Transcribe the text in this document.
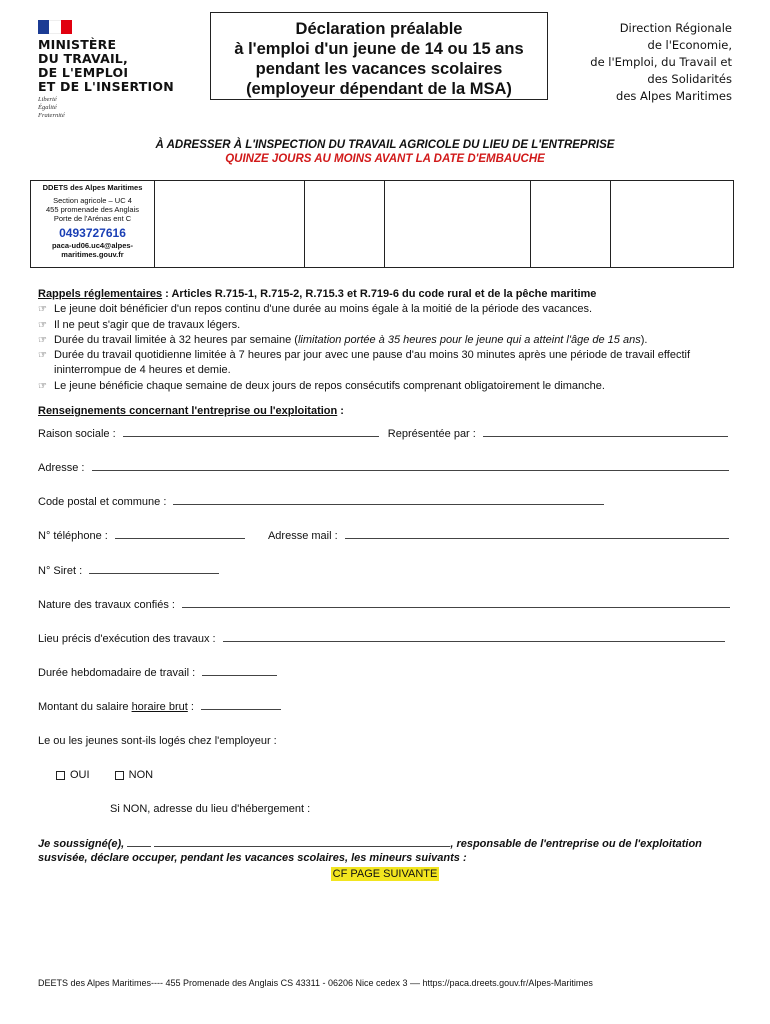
MINISTÈRE
DU TRAVAIL,
DE L'EMPLOI
ET DE L'INSERTION
Liberté
Égalité
Fraternité
Déclaration préalable
à l'emploi d'un jeune de 14 ou 15 ans
pendant les vacances scolaires
(employeur dépendant de la MSA)
Direction Régionale
de l'Economie,
de l'Emploi, du Travail et
des Solidarités
des Alpes Maritimes
À ADRESSER À L'INSPECTION DU TRAVAIL AGRICOLE DU LIEU DE L'ENTREPRISE
QUINZE JOURS AU MOINS AVANT LA DATE D'EMBAUCHE
DDETS des Alpes Maritimes
Section agricole – UC 4
455 promenade des Anglais
Porte de l'Arénas ent C
0493727616
paca-ud06.uc4@alpes-maritimes.gouv.fr
Rappels réglementaires : Articles R.715-1, R.715-2, R.715.3 et R.719-6 du code rural et de la pêche maritime
☞ Le jeune doit bénéficier d'un repos continu d'une durée au moins égale à la moitié de la période des vacances.
☞ Il ne peut s'agir que de travaux légers.
☞ Durée du travail limitée à 32 heures par semaine (limitation portée à 35 heures pour le jeune qui a atteint l'âge de 15 ans).
☞ Durée du travail quotidienne limitée à 7 heures par jour avec une pause d'au moins 30 minutes après une période de travail effectif ininterrompue de 4 heures et demie.
☞ Le jeune bénéficie chaque semaine de deux jours de repos consécutifs comprenant obligatoirement le dimanche.
Renseignements concernant l'entreprise ou l'exploitation :
Raison sociale :	Représentée par :
Adresse :
Code postal et commune :
N° téléphone :	Adresse mail :
N° Siret :
Nature des travaux confiés :
Lieu précis d'exécution des travaux :
Durée hebdomadaire de travail :
Montant du salaire horaire brut :
Le ou les jeunes sont-ils logés chez l'employeur :
OUI	NON
Si NON, adresse du lieu d'hébergement :
Je soussigné(e),	, responsable de l'entreprise ou de l'exploitation
susvisée, déclare occuper, pendant les vacances scolaires, les mineurs suivants :
CF PAGE SUIVANTE
DEETS des Alpes Maritimes---- 455 Promenade des Anglais CS 43311 - 06206 Nice cedex 3 –– https://paca.dreets.gouv.fr/Alpes-Maritimes
